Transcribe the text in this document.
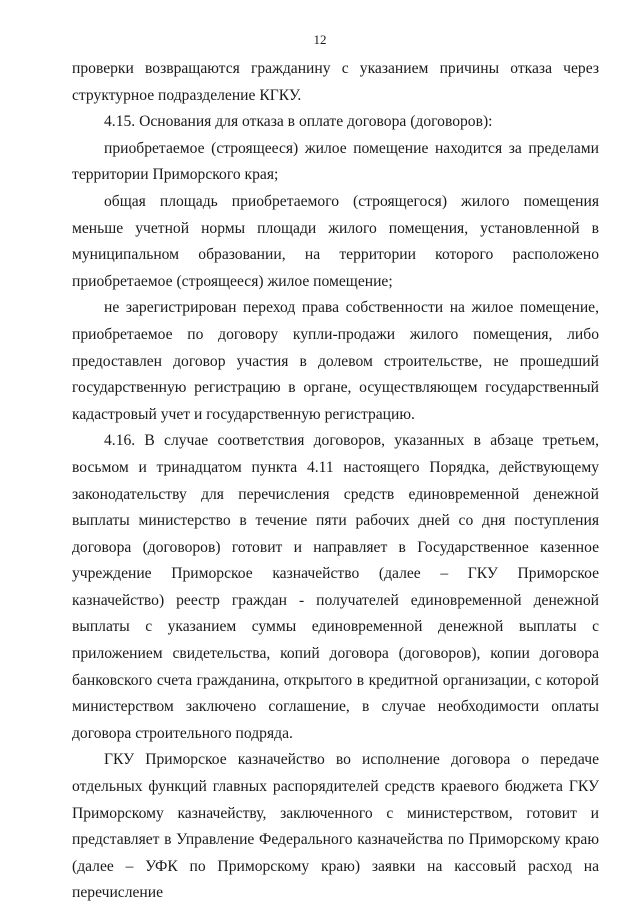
12

проверки возвращаются гражданину с указанием причины отказа через структурное подразделение КГКУ.

4.15. Основания для отказа в оплате договора (договоров):

приобретаемое (строящееся) жилое помещение находится за пределами территории Приморского края;

общая площадь приобретаемого (строящегося) жилого помещения меньше учетной нормы площади жилого помещения, установленной в муниципальном образовании, на территории которого расположено приобретаемое (строящееся) жилое помещение;

не зарегистрирован переход права собственности на жилое помещение, приобретаемое по договору купли-продажи жилого помещения, либо предоставлен договор участия в долевом строительстве, не прошедший государственную регистрацию в органе, осуществляющем государственный кадастровый учет и государственную регистрацию.

4.16. В случае соответствия договоров, указанных в абзаце третьем, восьмом и тринадцатом пункта 4.11 настоящего Порядка, действующему законодательству для перечисления средств единовременной денежной выплаты министерство в течение пяти рабочих дней со дня поступления договора (договоров) готовит и направляет в Государственное казенное учреждение Приморское казначейство (далее – ГКУ Приморское казначейство) реестр граждан - получателей единовременной денежной выплаты с указанием суммы единовременной денежной выплаты с приложением свидетельства, копий договора (договоров), копии договора банковского счета гражданина, открытого в кредитной организации, с которой министерством заключено соглашение, в случае необходимости оплаты договора строительного подряда.

ГКУ Приморское казначейство во исполнение договора о передаче отдельных функций главных распорядителей средств краевого бюджета ГКУ Приморскому казначейству, заключенного с министерством, готовит и представляет в Управление Федерального казначейства по Приморскому краю (далее – УФК по Приморскому краю) заявки на кассовый расход на перечисление
